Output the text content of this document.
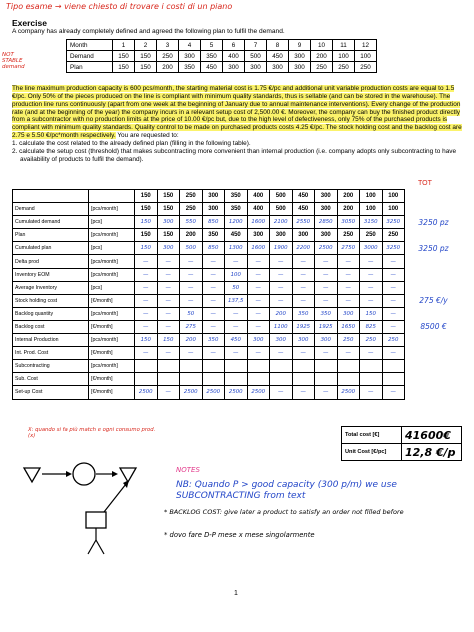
Tipo esame → viene chiesto di trovare i costi di un piano
Exercise
A company has already completely defined and agreed the following plan to fulfil the demand.
NOT STABLE demand
Month	1	2	3	4	5	6	7	8	9	10	11	12
Demand	150	150	250	300	350	400	500	450	300	200	100	100
Plan	150	150	200	350	450	300	300	300	300	250	250	250
The line maximum production capacity is 600 pcs/month, the starting material cost is 1.75 €/pc and additional unit variable production costs are equal to 1.5 €/pc. Only 50% of the pieces produced on the line is compliant with minimum quality standards, thus is sellable (and can be stored in the warehouse). The production line runs continuously (apart from one week at the beginning of January due to annual maintenance interventions). Every change of the production rate (and at the beginning of the year) the company incurs in a relevant setup cost of 2,500.00 €. Moreover, the company can buy the finished product directly from a subcontractor with no production limits at the price of 10.00 €/pc but, due to the high level of defectiveness, only 75% of the purchased products is compliant with minimum quality standards. Quality control to be made on purchased products costs 4.25 €/pc. The stock holding cost and the backlog cost are 2.75 e 5.50 €/pc*month respectively. You are requested to:
1. calculate the cost related to the already defined plan (filling in the following table).
2. calculate the setup cost (threshold) that makes subcontracting more convenient than internal production (i.e. company adopts only subcontracting to have availability of products to fulfil the demand).
TOT
		150	150	250	300	350	400	500	450	300	200	100	100	
Demand	[pcs/month]	150	150	250	300	350	400	500	450	300	200	100	100	
Cumulated demand	[pcs]	150	300	550	850	1200	1600	2100	2550	2850	3050	3150	3250	3250 pz
Plan	[pcs/month]	150	150	200	350	450	300	300	300	300	250	250	250	
Cumulated plan	[pcs]	150	300	500	850	1300	1600	1900	2200	2500	2750	3000	3250	3250 pz
Delta prod	[pcs/month]	—	—	—	—	—	—	—	—	—	—	—	—	
Inventory EOM	[pcs/month]	—	—	—	—	100	—	—	—	—	—	—	—	
Average Inventory	[pcs]	—	—	—	—	50	—	—	—	—	—	—	—	
Stock holding cost	[€/month]	—	—	—	—	137,5	—	—	—	—	—	—	—	275 €/y
Backlog quantity	[pcs/month]	—	—	50	—	—	—	200	350	350	300	150	—	
Backlog cost	[€/month]	—	—	275	—	—	—	1100	1925	1925	1650	825	—	8500 €
Internal Production	[pcs/month]	150	150	200	350	450	300	300	300	300	250	250	250	
Int. Prod. Cost	[€/month]	—	—	—	—	—	—	—	—	—	—	—	—	
Subcontracting	[pcs/month]													
Sub. Cost	[€/month]													
Set-up Cost	[€/month]	2500	—	2500	2500	2500	2500	—	—	—	2500	—	—	
X: quando si fa più match e ogni consumo prod. (x)	Total cost [€]	41600€
Unit Cost [€/pc]	12,8 €/p
NOTES
NB: Quando P > good capacity (300 p/m) we use SUBCONTRACTING from text
* BACKLOG COST: give later a product to satisfy an order not filled before
* dovo fare D-P mese x mese singolarmente
1
